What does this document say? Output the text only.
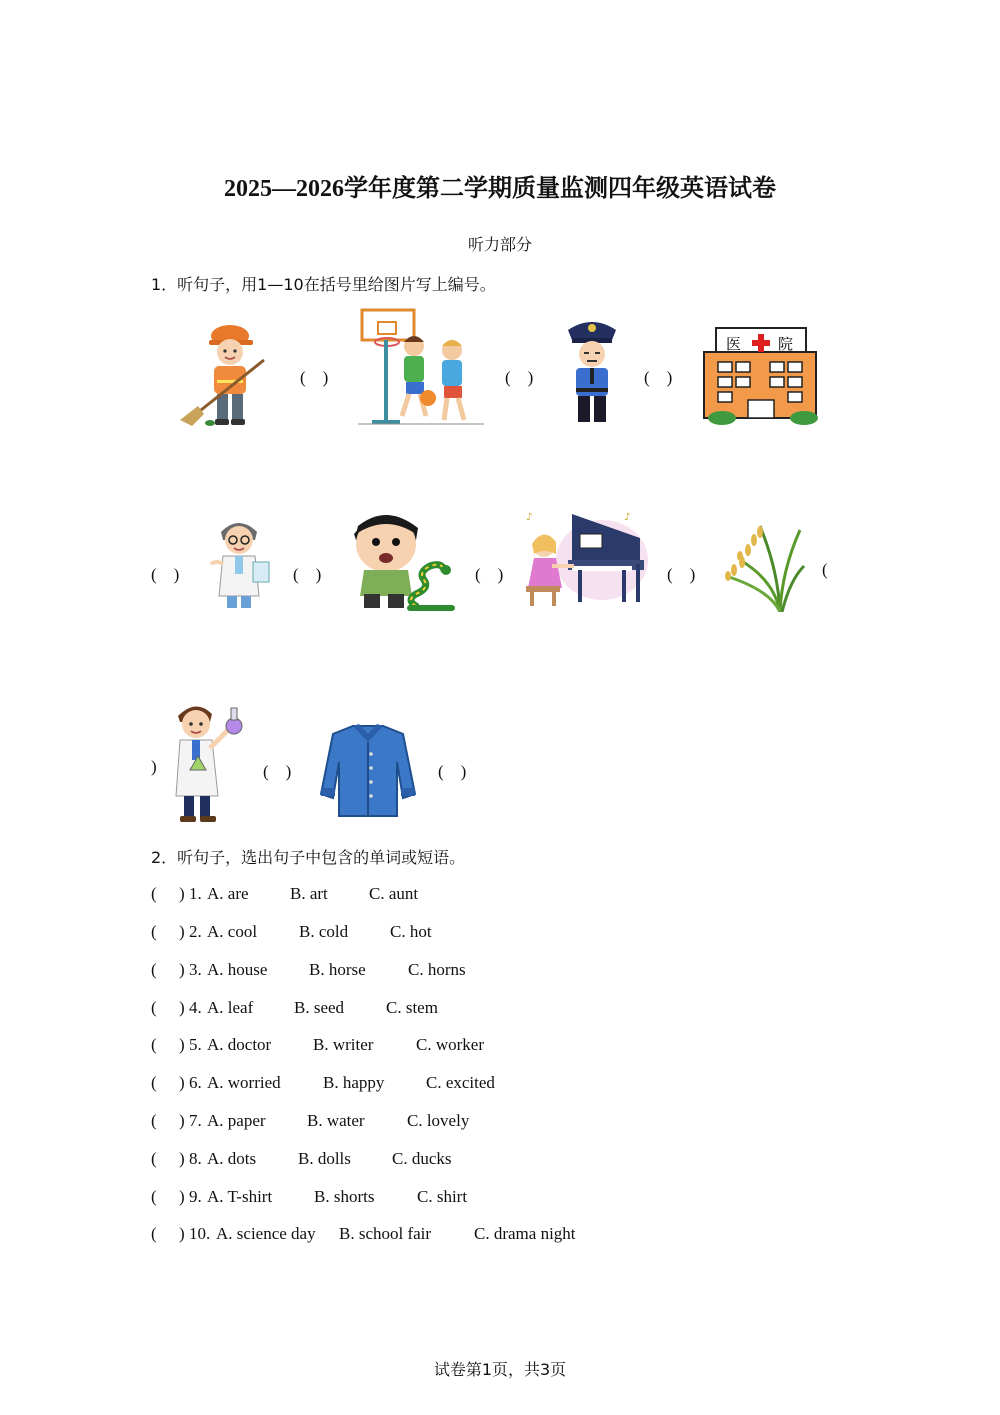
2025—2026学年度第二学期质量监测四年级英语试卷
听力部分
1．听句子，用1—10在括号里给图片写上编号。
(　)	(　)	(　)
医 院
(　)	(　)	(　)
♪	♪
(　)	(
)	(　)	(　)
2．听句子，选出句子中包含的单词或短语。

(

)

1.

A. are

B. art

C. aunt

(

)

2.

A. cool

B. cold

C. hot

(

)

3.

A. house

B. horse

C. horns

(

)

4.

A. leaf

B. seed

C. stem

(

)

5.

A. doctor

B. writer

	C. worker

(

)

6.

A. worried

B. happy

C. excited

(

)

7.

A. paper

B. water

C. lovely

(

)

8.

A. dots

B. dolls

C. ducks

(

)

9.

A. T-shirt

B. shorts

	C. shirt

(

)

10.

A. science day

B. school fair

	C. drama night

试卷第1页，共3页
